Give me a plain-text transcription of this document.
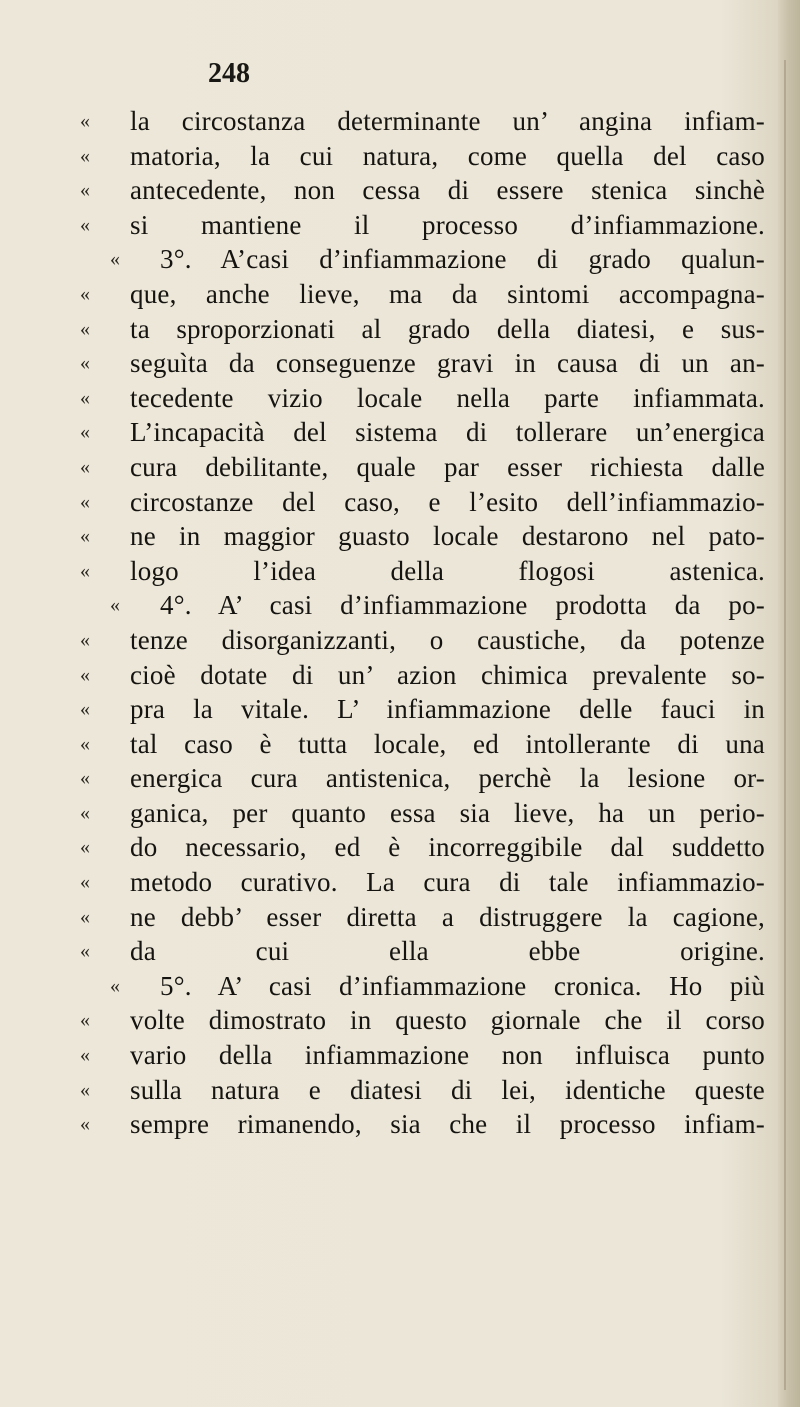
248
« la circostanza determinante un’ angina infiam-
« matoria, la cui natura, come quella del caso
« antecedente, non cessa di essere stenica sinchè
« si mantiene il processo d’infiammazione.
« 3°. A’casi d’infiammazione di grado qualun-
« que, anche lieve, ma da sintomi accompagna-
« ta sproporzionati al grado della diatesi, e sus-
« seguìta da conseguenze gravi in causa di un an-
« tecedente vizio locale nella parte infiammata.
« L’incapacità del sistema di tollerare un’energica
« cura debilitante, quale par esser richiesta dalle
« circostanze del caso, e l’esito dell’infiammazio-
« ne in maggior guasto locale destarono nel pato-
« logo l’idea della flogosi astenica.
« 4°. A’ casi d’infiammazione prodotta da po-
« tenze disorganizzanti, o caustiche, da potenze
« cioè dotate di un’ azion chimica prevalente so-
« pra la vitale. L’ infiammazione delle fauci in
« tal caso è tutta locale, ed intollerante di una
« energica cura antistenica, perchè la lesione or-
« ganica, per quanto essa sia lieve, ha un perio-
« do necessario, ed è incorreggibile dal suddetto
« metodo curativo. La cura di tale infiammazio-
« ne debb’ esser diretta a distruggere la cagione,
« da cui ella ebbe origine.
« 5°. A’ casi d’infiammazione cronica. Ho più
« volte dimostrato in questo giornale che il corso
« vario della infiammazione non influisca punto
« sulla natura e diatesi di lei, identiche queste
« sempre rimanendo, sia che il processo infiam-
